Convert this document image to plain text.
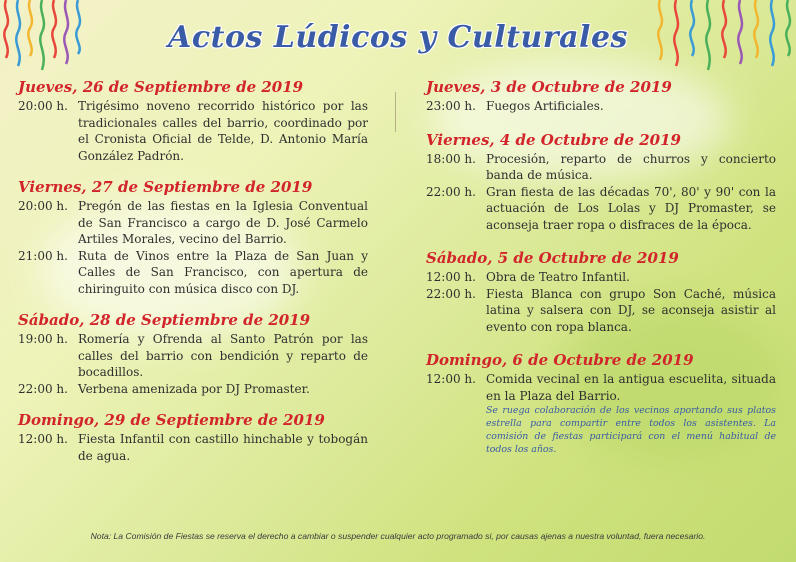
Actos Lúdicos y Culturales
Jueves, 26 de Septiembre de 2019
20:00 h. Trigésimo noveno recorrido histórico por las tradicionales calles del barrio, coordinado por el Cronista Oficial de Telde, D. Antonio María González Padrón.
Viernes, 27 de Septiembre de 2019
20:00 h. Pregón de las fiestas en la Iglesia Conventual de San Francisco a cargo de D. José Carmelo Artiles Morales, vecino del Barrio.
21:00 h. Ruta de Vinos entre la Plaza de San Juan y Calles de San Francisco, con apertura de chiringuito con música disco con DJ.
Sábado, 28 de Septiembre de 2019
19:00 h. Romería y Ofrenda al Santo Patrón por las calles del barrio con bendición y reparto de bocadillos.
22:00 h. Verbena amenizada por DJ Promaster.
Domingo, 29 de Septiembre de 2019
12:00 h. Fiesta Infantil con castillo hinchable y tobogán de agua.
Jueves, 3 de Octubre de 2019
23:00 h. Fuegos Artificiales.
Viernes, 4 de Octubre de 2019
18:00 h. Procesión, reparto de churros y concierto banda de música.
22:00 h. Gran fiesta de las décadas 70', 80' y 90' con la actuación de Los Lolas y DJ Promaster, se aconseja traer ropa o disfraces de la época.
Sábado, 5 de Octubre de 2019
12:00 h. Obra de Teatro Infantil.
22:00 h. Fiesta Blanca con grupo Son Caché, música latina y salsera con DJ, se aconseja asistir al evento con ropa blanca.
Domingo, 6 de Octubre de 2019
12:00 h. Comida vecinal en la antigua escuelita, situada en la Plaza del Barrio.
Se ruega colaboración de los vecinos aportando sus platos estrella para compartir entre todos los asistentes. La comisión de fiestas participará con el menú habitual de todos los años.
Nota: La Comisión de Fiestas se reserva el derecho a cambiar o suspender cualquier acto programado si, por causas ajenas a nuestra voluntad, fuera necesario.
